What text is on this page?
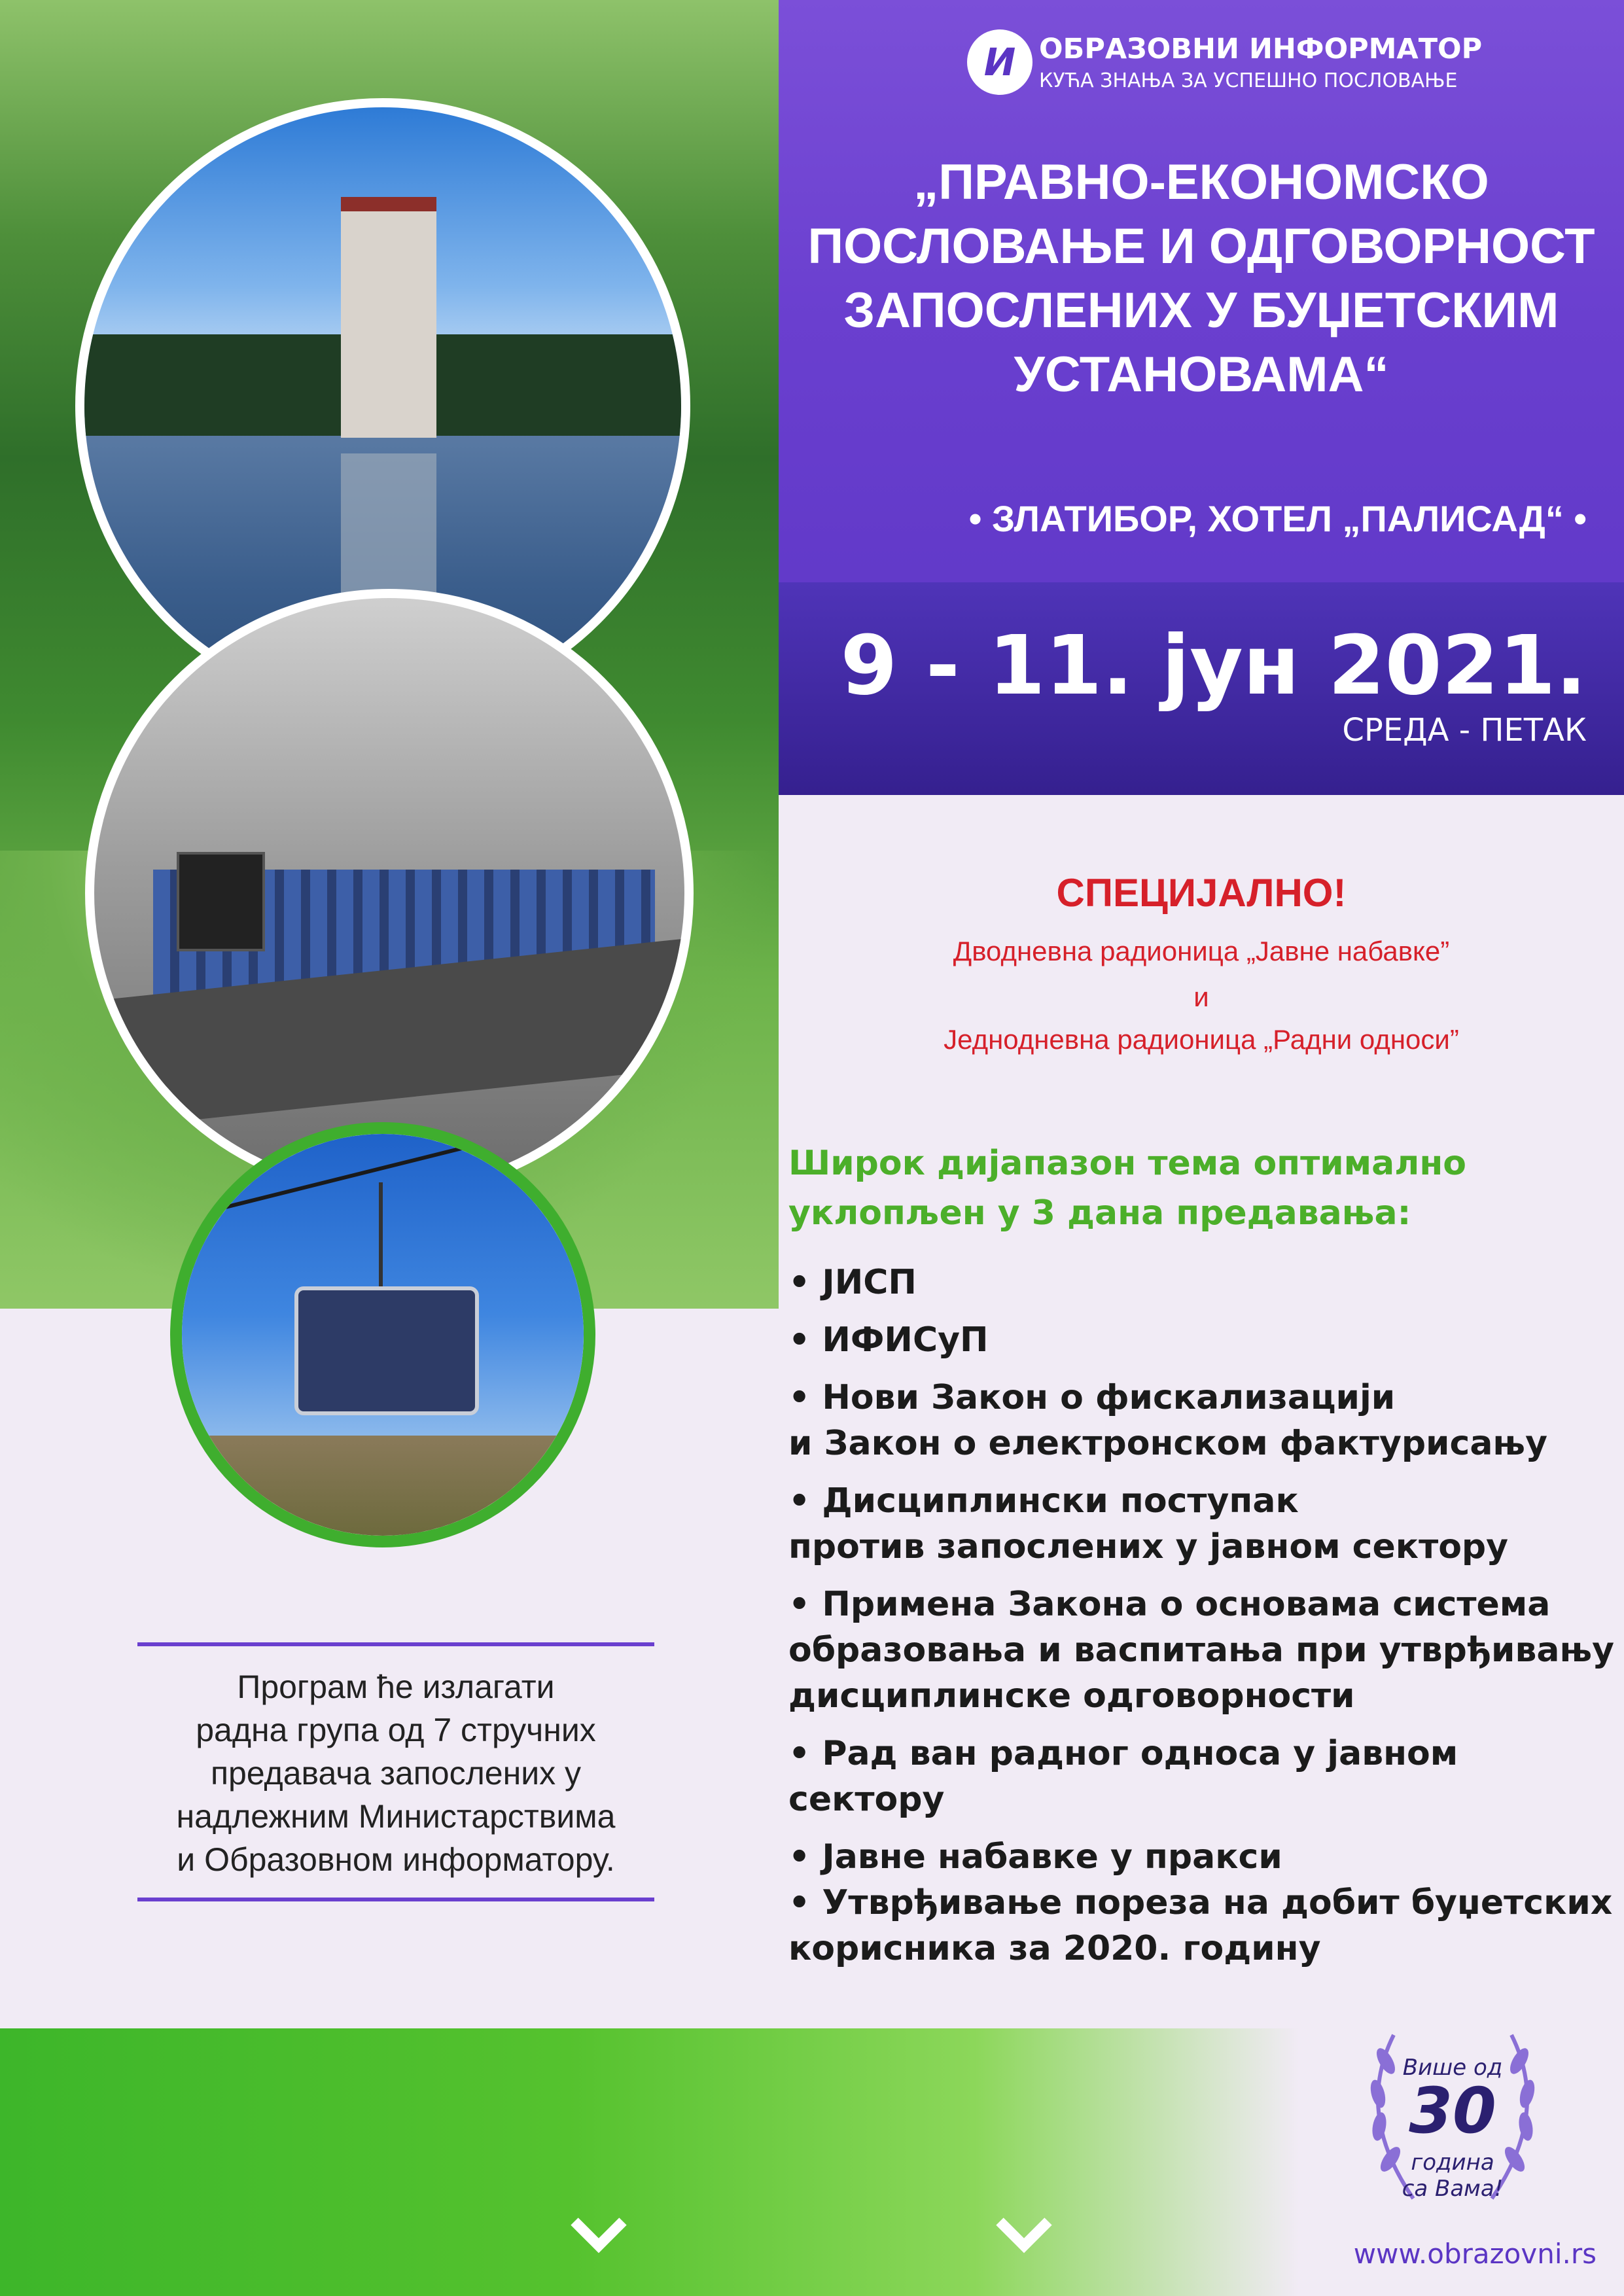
И ОБРАЗОВНИ ИНФОРМАТОР
КУЋА ЗНАЊА ЗА УСПЕШНО ПОСЛОВАЊЕ
„ПРАВНО-ЕКОНОМСКО
ПОСЛОВАЊЕ И ОДГОВОРНОСТ
ЗАПОСЛЕНИХ У БУЏЕТСКИМ
УСТАНОВАМА“
• ЗЛАТИБОР, ХОТЕЛ „ПАЛИСАД“ •
9 - 11. јун 2021.
СРЕДА - ПЕТАК
СПЕЦИЈАЛНО!
Дводневна радионица „Јавне набавке”
и
Једнодневна радионица „Радни односи”
Широк дијапазон тема оптимално
уклопљен у 3 дана предавања:

• ЈИСП

• ИФИСуП

• Нови Закон о фискализацији

и Закон о електронском фактурисању

• Дисциплински поступак

против запослених у јавном сектору

• Примена Закона о основама система

образовања и васпитања при утврђивању

дисциплинске одговорности

• Рад ван радног односа у јавном

сектору

• Јавне набавке у пракси

• Утврђивање пореза на добит буџетских

корисника за 2020. годину

Програм ће излагати
радна група од 7 стручних
предавача запослених у
надлежним Министарствима
и Образовном информатору.
Више од
30
година
са Вама!
www.obrazovni.rs
